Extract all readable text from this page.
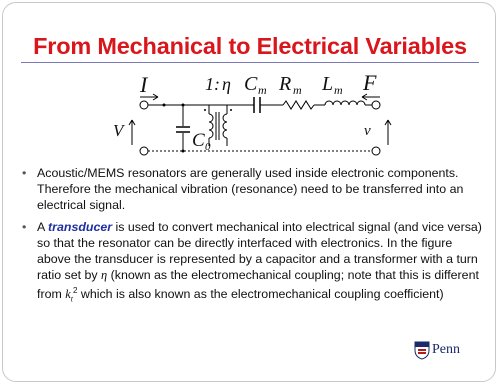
From Mechanical to Electrical Variables
I	1: η C m R m L m F
V	C 0
ν
• Acoustic/MEMS resonators are generally used inside electronic components. Therefore the mechanical vibration (resonance) need to be transferred into an electrical signal.
• A transducer is used to convert mechanical into electrical signal (and vice versa) so that the resonator can be directly interfaced with electronics. In the figure above the transducer is represented by a capacitor and a transformer with a turn ratio set by η (known as the electromechanical coupling; note that this is different from $k_t^2$ which is also known as the electromechanical coupling coefficient)
Penn
